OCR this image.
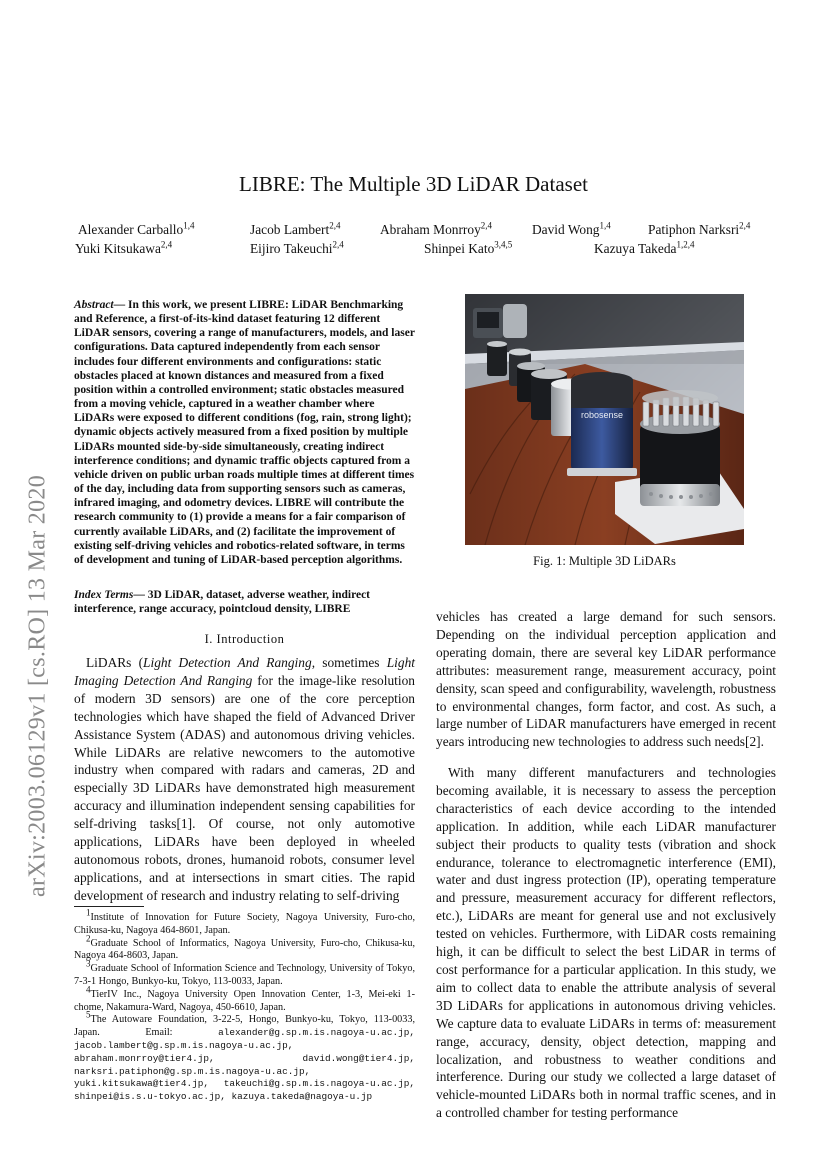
LIBRE: The Multiple 3D LiDAR Dataset
Alexander Carballo$^{1,4}$	Jacob Lambert$^{2,4}$	Abraham Monrroy$^{2,4}$	David Wong$^{1,4}$	Patiphon Narksri$^{2,4}$
Yuki Kitsukawa$^{2,4}$	Eijiro Takeuchi$^{2,4}$	Shinpei Kato$^{3,4,5}$	Kazuya Takeda$^{1,2,4}$
arXiv:2003.06129v1 [cs.RO] 13 Mar 2020
Abstract— In this work, we present LIBRE: LiDAR Benchmarking and Reference, a first-of-its-kind dataset featuring 12 different LiDAR sensors, covering a range of manufacturers, models, and laser configurations. Data captured independently from each sensor includes four different environments and configurations: static obstacles placed at known distances and measured from a fixed position within a controlled environment; static obstacles measured from a moving vehicle, captured in a weather chamber where LiDARs were exposed to different conditions (fog, rain, strong light); dynamic objects actively measured from a fixed position by multiple LiDARs mounted side-by-side simultaneously, creating indirect interference conditions; and dynamic traffic objects captured from a vehicle driven on public urban roads multiple times at different times of the day, including data from supporting sensors such as cameras, infrared imaging, and odometry devices. LIBRE will contribute the research community to (1) provide a means for a fair comparison of currently available LiDARs, and (2) facilitate the improvement of existing self-driving vehicles and robotics-related software, in terms of development and tuning of LiDAR-based perception algorithms.
Index Terms— 3D LiDAR, dataset, adverse weather, indirect interference, range accuracy, pointcloud density, LIBRE
I. Introduction
LiDARs (Light Detection And Ranging, sometimes Light Imaging Detection And Ranging for the image-like resolution of modern 3D sensors) are one of the core perception technologies which have shaped the field of Advanced Driver Assistance System (ADAS) and autonomous driving vehicles. While LiDARs are relative newcomers to the automotive industry when compared with radars and cameras, 2D and especially 3D LiDARs have demonstrated high measurement accuracy and illumination independent sensing capabilities for self-driving tasks[1]. Of course, not only automotive applications, LiDARs have been deployed in wheeled autonomous robots, drones, humanoid robots, consumer level applications, and at intersections in smart cities. The rapid development of research and industry relating to self-driving

$^1$Institute of Innovation for Future Society, Nagoya University, Furo-cho, Chikusa-ku, Nagoya 464-8601, Japan.

$^2$Graduate School of Informatics, Nagoya University, Furo-cho, Chikusa-ku, Nagoya 464-8603, Japan.

$^3$Graduate School of Information Science and Technology, University of Tokyo, 7-3-1 Hongo, Bunkyo-ku, Tokyo, 113-0033, Japan.

$^4$TierIV Inc., Nagoya University Open Innovation Center, 1-3, Mei-eki 1-chome, Nakamura-Ward, Nagoya, 450-6610, Japan.

$^5$The Autoware Foundation, 3-22-5, Hongo, Bunkyo-ku, Tokyo, 113-0033, Japan. Email:	alexander@g.sp.m.is.nagoya-u.ac.jp, jacob.lambert@g.sp.m.is.nagoya-u.ac.jp, abraham.monrroy@tier4.jp, david.wong@tier4.jp, narksri.patiphon@g.sp.m.is.nagoya-u.ac.jp, yuki.kitsukawa@tier4.jp, takeuchi@g.sp.m.is.nagoya-u.ac.jp, shinpei@is.s.u-tokyo.ac.jp, kazuya.takeda@nagoya-u.jp

robosense
Fig. 1: Multiple 3D LiDARs
vehicles has created a large demand for such sensors. Depending on the individual perception application and operating domain, there are several key LiDAR performance attributes: measurement range, measurement accuracy, point density, scan speed and configurability, wavelength, robustness to environmental changes, form factor, and cost. As such, a large number of LiDAR manufacturers have emerged in recent years introducing new technologies to address such needs[2].
With many different manufacturers and technologies becoming available, it is necessary to assess the perception characteristics of each device according to the intended application. In addition, while each LiDAR manufacturer subject their products to quality tests (vibration and shock endurance, tolerance to electromagnetic interference (EMI), water and dust ingress protection (IP), operating temperature and pressure, measurement accuracy for different reflectors, etc.), LiDARs are meant for general use and not exclusively tested on vehicles. Furthermore, with LiDAR costs remaining high, it can be difficult to select the best LiDAR in terms of cost performance for a particular application. In this study, we aim to collect data to enable the attribute analysis of several 3D LiDARs for applications in autonomous driving vehicles. We capture data to evaluate LiDARs in terms of: measurement range, accuracy, density, object detection, mapping and localization, and robustness to weather conditions and interference. During our study we collected a large dataset of vehicle-mounted LiDARs both in normal traffic scenes, and in a controlled chamber for testing performance
